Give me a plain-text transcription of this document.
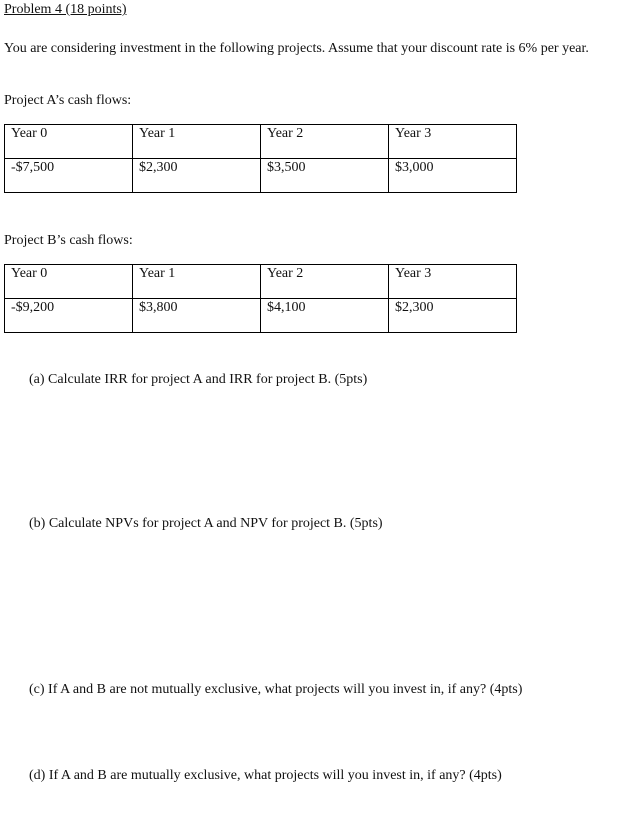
Problem 4 (18 points)
You are considering investment in the following projects. Assume that your discount rate is 6% per year.
Project A’s cash flows:
Year 0	Year 1	Year 2	Year 3
-$7,500	$2,300	$3,500	$3,000
Project B’s cash flows:
Year 0	Year 1	Year 2	Year 3
-$9,200	$3,800	$4,100	$2,300
(a) Calculate IRR for project A and IRR for project B. (5pts)
(b) Calculate NPVs for project A and NPV for project B. (5pts)
(c) If A and B are not mutually exclusive, what projects will you invest in, if any? (4pts)
(d) If A and B are mutually exclusive, what projects will you invest in, if any? (4pts)
